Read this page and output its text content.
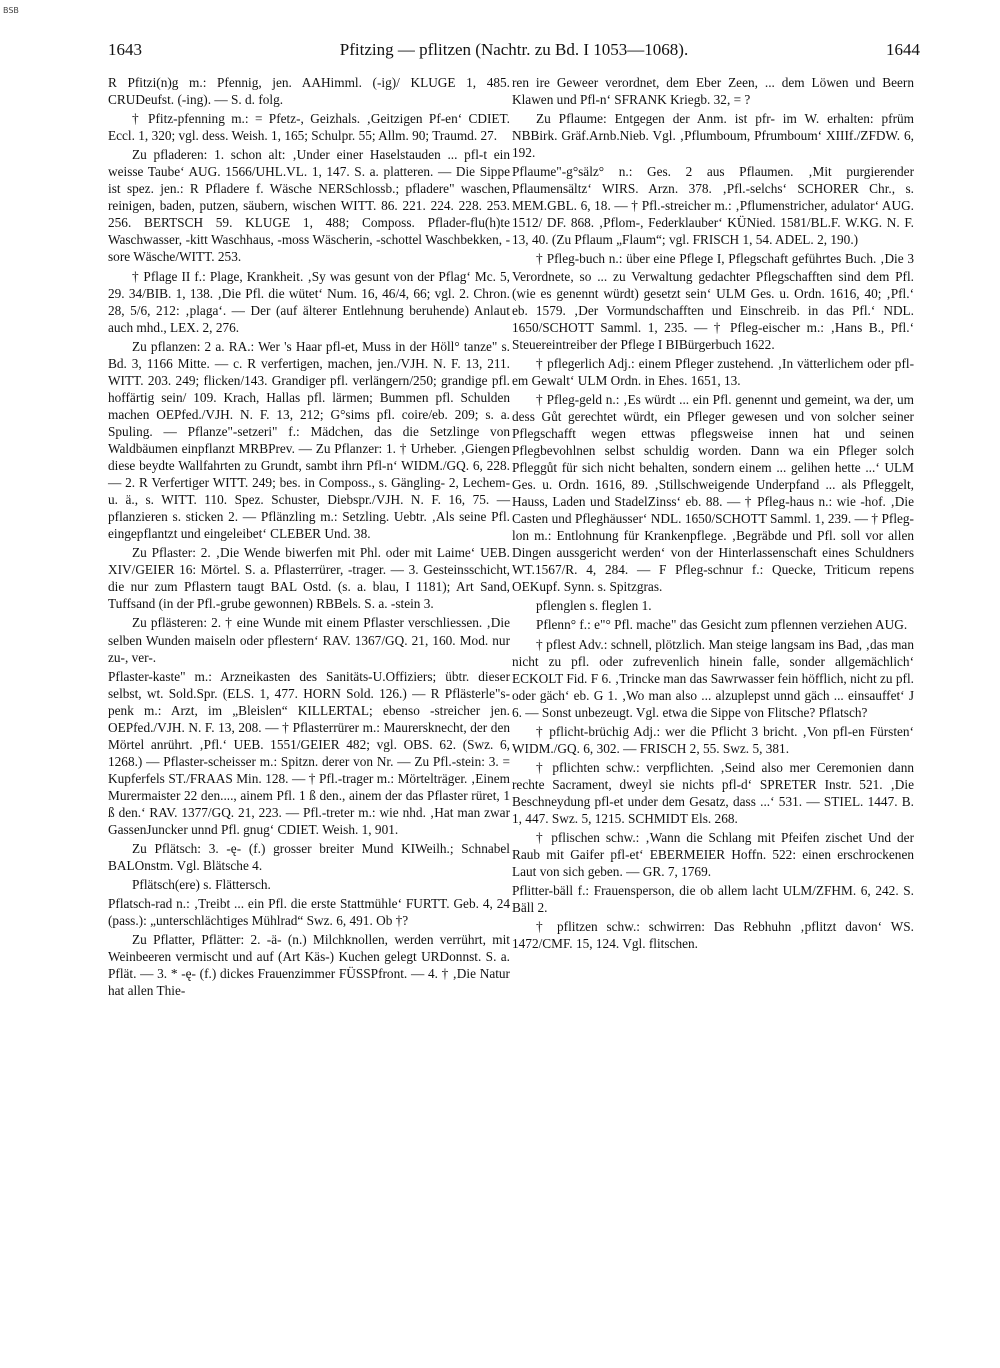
BSB
1643	Pfitzing — pflitzen (Nachtr. zu Bd. I 1053—1068).	1644

R Pfitzi(n)g m.: Pfennig, jen. AAHimml. (-ig)/ KLUGE 1, 485. CRUDeufst. (-ing). — S. d. folg.

† Pfitz-pfenning m.: = Pfetz-, Geizhals. ‚Geitzigen Pf-en‘ CDIET. Eccl. 1, 320; vgl. dess. Weish. 1, 165; Schulpr. 55; Allm. 90; Traumd. 27.

Zu pfladeren: 1. schon alt: ‚Under einer Haselstauden ... pfl-t ein weisse Taube‘ AUG. 1566/UHL.VL. 1, 147. S. a. platteren. — Die Sippe ist spez. jen.: R Pfladere f. Wäsche NERSchlossb.; pfladere" waschen, reinigen, baden, putzen, säubern, wischen WITT. 86. 221. 224. 228. 253. 256. BERTSCH 59. KLUGE 1, 488; Composs. Pflader-flu(h)te Waschwasser, -kitt Waschhaus, -moss Wäscherin, -schottel Waschbekken, -sore Wäsche/WITT. 253.

† Pflage II f.: Plage, Krankheit. ‚Sy was gesunt von der Pflag‘ Mc. 5, 29. 34/BIB. 1, 138. ‚Die Pfl. die wütet‘ Num. 16, 46/4, 66; vgl. 2. Chron. 28, 5/6, 212: ‚plaga‘. — Der (auf älterer Entlehnung beruhende) Anlaut auch mhd., LEX. 2, 276.

Zu pflanzen: 2 a. RA.: Wer 's Haar pfl-et, Muss in der Höll° tanze" s. Bd. 3, 1166 Mitte. — c. R verfertigen, machen, jen./VJH. N. F. 13, 211. WITT. 203. 249; flicken/143. Grandiger pfl. verlängern/250; grandige pfl. hoffärtig sein/ 109. Krach, Hallas pfl. lärmen; Bummen pfl. Schulden machen OEPfed./VJH. N. F. 13, 212; G°sims pfl. coire/eb. 209; s. a. Spuling. — Pflanze"-setzeri" f.: Mädchen, das die Setzlinge von Waldbäumen einpflanzt MRBPrev. — Zu Pflanzer: 1. † Urheber. ‚Giengen diese beydte Wallfahrten zu Grundt, sambt ihrn Pfl-n‘ WIDM./GQ. 6, 228. — 2. R Verfertiger WITT. 249; bes. in Composs., s. Gängling- 2, Lechem- u. ä., s. WITT. 110. Spez. Schuster, Diebspr./VJH. N. F. 16, 75. — pflanzieren s. sticken 2. — Pflänzling m.: Setzling. Uebtr. ‚Als seine Pfl. eingepflantzt und eingeleibet‘ CLEBER Und. 38.

Zu Pflaster: 2. ‚Die Wende biwerfen mit Phl. oder mit Laime‘ UEB. XIV/GEIER 16: Mörtel. S. a. Pflasterrürer, -trager. — 3. Gesteinsschicht, die nur zum Pflastern taugt BAL Ostd. (s. a. blau, I 1181); Art Sand, Tuffsand (in der Pfl.-grube gewonnen) RBBels. S. a. -stein 3.

Zu pflästeren: 2. † eine Wunde mit einem Pflaster verschliessen. ‚Die selben Wunden maiseln oder pflestern‘ RAV. 1367/GQ. 21, 160. Mod. nur zu-, ver-.

Pflaster-kaste" m.: Arzneikasten des Sanitäts-U.Offiziers; übtr. dieser selbst, wt. Sold.Spr. (ELS. 1, 477. HORN Sold. 126.) — R Pflästerle"s-penk m.: Arzt, im „Bleislen“ KILLERTAL; ebenso -streicher jen. OEPfed./VJH. N. F. 13, 208. — † Pflasterrürer m.: Maurersknecht, der den Mörtel anrührt. ‚Pfl.‘ UEB. 1551/GEIER 482; vgl. OBS. 62. (Swz. 6, 1268.) — Pflaster-scheisser m.: Spitzn. derer von Nr. — Zu Pfl.-stein: 3. = Kupferfels ST./FRAAS Min. 128. — † Pfl.-trager m.: Mörtelträger. ‚Einem Murermaister 22 den...., ainem Pfl. 1 ß den., ainem der das Pflaster rüret, 1 ß den.‘ RAV. 1377/GQ. 21, 223. — Pfl.-treter m.: wie nhd. ‚Hat man zwar GassenJuncker unnd Pfl. gnug‘ CDIET. Weish. 1, 901.

Zu Pflätsch: 3. -ę- (f.) grosser breiter Mund KIWeilh.; Schnabel BALOnstm. Vgl. Blätsche 4.

Pflätsch(ere) s. Flättersch.

Pflatsch-rad n.: ‚Treibt ... ein Pfl. die erste Stattmühle‘ FURTT. Geb. 4, 24 (pass.): „unterschlächtiges Mühlrad“ Swz. 6, 491. Ob †?

Zu Pflatter, Pflätter: 2. -ä- (n.) Milchknollen, werden verrührt, mit Weinbeeren vermischt und auf (Art Käs-) Kuchen gelegt URDonnst. S. a. Pflät. — 3. * -ę- (f.) dickes Frauenzimmer FÜSSPfront. — 4. † ‚Die Natur hat allen Thie-

ren ire Geweer verordnet, dem Eber Zeen, ... dem Löwen und Beern Klawen und Pfl-n‘ SFRANK Kriegb. 32, = ?

Zu Pflaume: Entgegen der Anm. ist pfr- im W. erhalten: pfrüm NBBirk. Gräf.Arnb.Nieb. Vgl. ‚Pflumboum, Pfrumboum‘ XIIIf./ZFDW. 6, 192.

Pflaume"-g°sälz° n.: Ges. 2 aus Pflaumen. ‚Mit purgierender Pflaumensältz‘ WIRS. Arzn. 378. ‚Pfl.-selchs‘ SCHORER Chr., s. MEM.GBL. 6, 18. — † Pfl.-streicher m.: ‚Pflumenstricher, adulator‘ AUG. 1512/ DF. 868. ‚Pflom-, Federklauber‘ KÜNied. 1581/BL.F. W.KG. N. F. 13, 40. (Zu Pflaum „Flaum“; vgl. FRISCH 1, 54. ADEL. 2, 190.)

† Pfleg-buch n.: über eine Pflege I, Pflegschaft geführtes Buch. ‚Die 3 Verordnete, so ... zu Verwaltung gedachter Pflegschafften sind dem Pfl. (wie es genennt würdt) gesetzt sein‘ ULM Ges. u. Ordn. 1616, 40; ‚Pfl.‘ eb. 1579. ‚Der Vormundschafften und Einschreib. in das Pfl.‘ NDL. 1650/SCHOTT Samml. 1, 235. — † Pfleg-eischer m.: ‚Hans B., Pfl.‘ Steuereintreiber der Pflege I BIBürgerbuch 1622.

† pflegerlich Adj.: einem Pfleger zustehend. ‚In vätterlichem oder pfl-em Gewalt‘ ULM Ordn. in Ehes. 1651, 13.

† Pfleg-geld n.: ‚Es würdt ... ein Pfl. genennt und gemeint, wa der, um dess Gůt gerechtet würdt, ein Pfleger gewesen und von solcher seiner Pflegschafft wegen ettwas pflegsweise innen hat und seinen Pflegbevohlnen selbst schuldig worden. Dann wa ein Pfleger solch Pfleggůt für sich nicht behalten, sondern einem ... gelihen hette ...‘ ULM Ges. u. Ordn. 1616, 89. ‚Stillschweigende Underpfand ... als Pfleggelt, Hauss, Laden und StadelZinss‘ eb. 88. — † Pfleg-haus n.: wie -hof. ‚Die Casten und Pfleghäusser‘ NDL. 1650/SCHOTT Samml. 1, 239. — † Pfleg-lon m.: Entlohnung für Krankenpflege. ‚Begräbde und Pfl. soll vor allen Dingen aussgericht werden‘ von der Hinterlassenschaft eines Schuldners WT.1567/R. 4, 284. — F Pfleg-schnur f.: Quecke, Triticum repens OEKupf. Synn. s. Spitzgras.

pflenglen s. fleglen 1.

Pflenn° f.: e"° Pfl. mache" das Gesicht zum pflennen verziehen AUG.

† pflest Adv.: schnell, plötzlich. Man steige langsam ins Bad, ‚das man nicht zu pfl. oder zufrevenlich hinein falle, sonder allgemächlich‘ ECKOLT Fid. F 6. ‚Trincke man das Sawrwasser fein höfflich, nicht zu pfl. oder gäch‘ eb. G 1. ‚Wo man also ... alzuplepst unnd gäch ... einsauffet‘ J 6. — Sonst unbezeugt. Vgl. etwa die Sippe von Flitsche? Pflatsch?

† pflicht-brüchig Adj.: wer die Pflicht 3 bricht. ‚Von pfl-en Fürsten‘ WIDM./GQ. 6, 302. — FRISCH 2, 55. Swz. 5, 381.

† pflichten schw.: verpflichten. ‚Seind also mer Ceremonien dann rechte Sacrament, dweyl sie nichts pfl-d‘ SPRETER Instr. 521. ‚Die Beschneydung pfl-et under dem Gesatz, dass ...‘ 531. — STIEL. 1447. B. 1, 447. Swz. 5, 1215. SCHMIDT Els. 268.

† pflischen schw.: ‚Wann die Schlang mit Pfeifen zischet Und der Raub mit Gaifer pfl-et‘ EBERMEIER Hoffn. 522: einen erschrockenen Laut von sich geben. — GR. 7, 1769.

Pflitter-bäll f.: Frauensperson, die ob allem lacht ULM/ZFHM. 6, 242. S. Bäll 2.

† pflitzen schw.: schwirren: Das Rebhuhn ‚pflitzt davon‘ WS. 1472/CMF. 15, 124. Vgl. flitschen.
